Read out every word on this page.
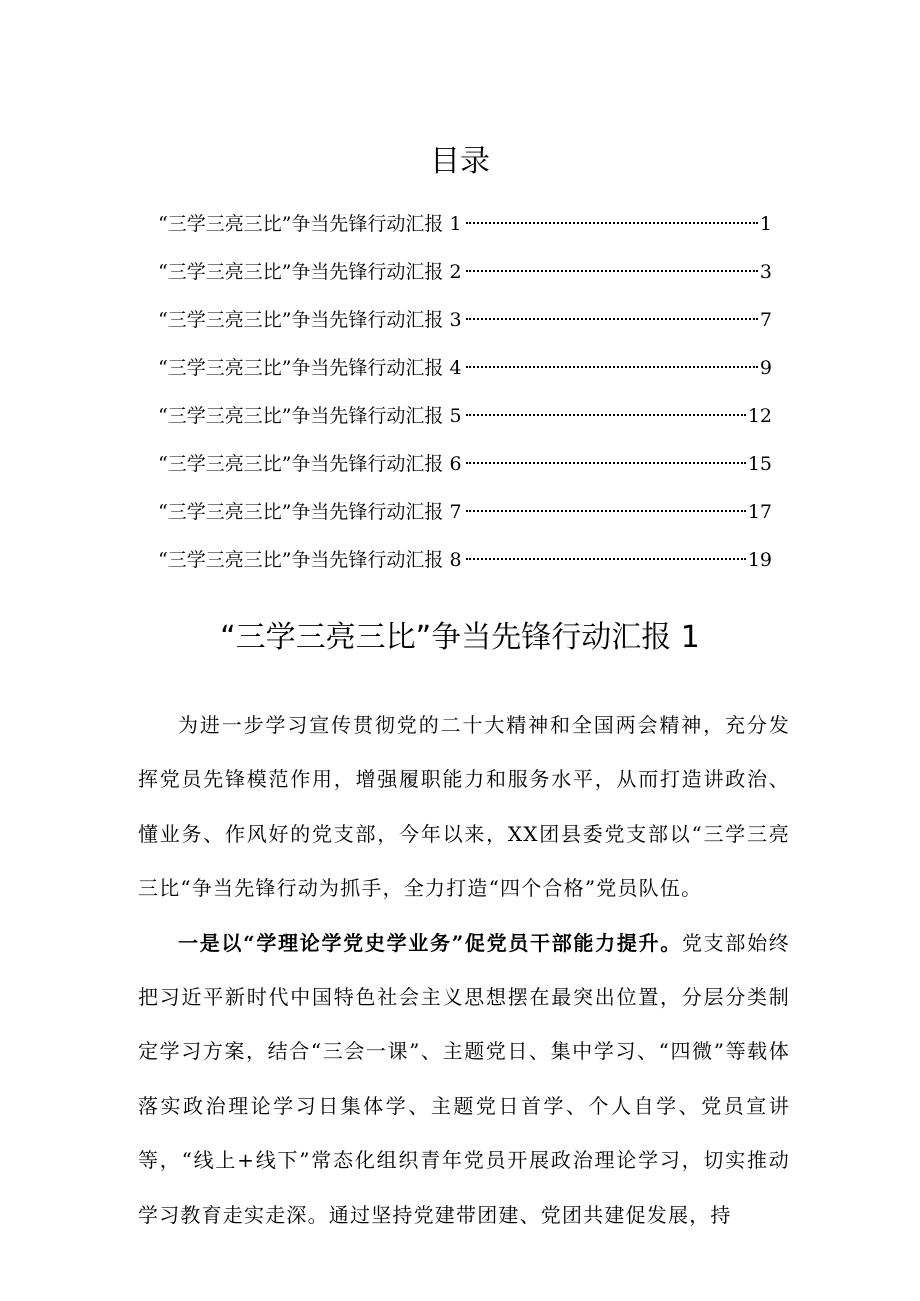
目录
“三学三亮三比”争当先锋行动汇报 1	1
“三学三亮三比”争当先锋行动汇报 2	3
“三学三亮三比”争当先锋行动汇报 3	7
“三学三亮三比”争当先锋行动汇报 4	9
“三学三亮三比”争当先锋行动汇报 5	12
“三学三亮三比”争当先锋行动汇报 6	15
“三学三亮三比”争当先锋行动汇报 7	17
“三学三亮三比”争当先锋行动汇报 8	19
“三学三亮三比”争当先锋行动汇报 1

为进一步学习宣传贯彻党的二十大精神和全国两会精神，充分发挥党员先锋模范作用，增强履职能力和服务水平，从而打造讲政治、懂业务、作风好的党支部，今年以来，XX团县委党支部以“三学三亮三比“争当先锋行动为抓手，全力打造“四个合格”党员队伍。

一是以“学理论学党史学业务”促党员干部能力提升。党支部始终把习近平新时代中国特色社会主义思想摆在最突出位置，分层分类制定学习方案，结合“三会一课”、主题党日、集中学习、“四微”等载体落实政治理论学习日集体学、主题党日首学、个人自学、党员宣讲等，“线上+线下”常态化组织青年党员开展政治理论学习，切实推动学习教育走实走深。通过坚持党建带团建、党团共建促发展，持
